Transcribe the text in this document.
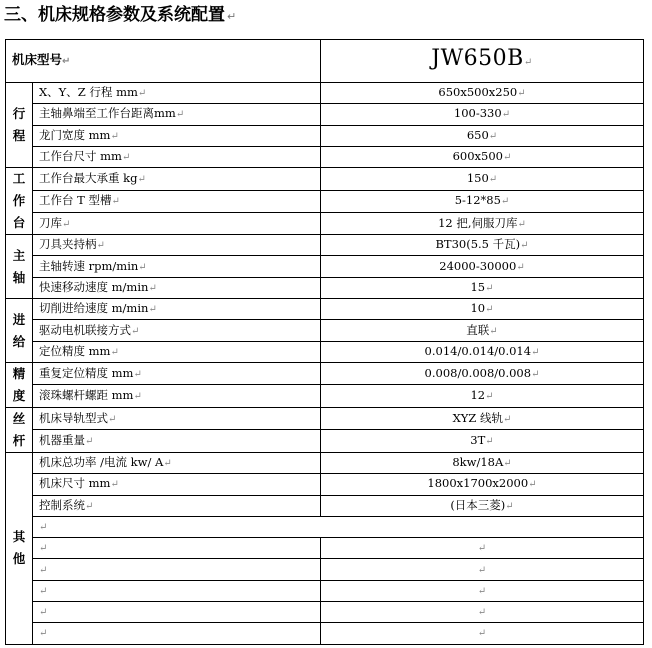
三、机床规格参数及系统配置 ↵
机床型号↵		JW650B↵

行
程	X、Y、Z 行程 mm↵	650x500x250↵
	主轴鼻端至工作台距离mm↵	100-330↵
	龙门宽度 mm↵	650↵
	工作台尺寸 mm↵	600x500↵

工
作
台	工作台最大承重 kg↵	150↵
	工作台 T 型槽↵	5-12*85↵
	刀库↵	12 把,伺服刀库↵

主
轴	刀具夹持柄↵	BT30(5.5 千瓦)↵
	主轴转速 rpm/min↵	24000-30000↵
	快速移动速度 m/min↵	15↵

进
给	切削进给速度 m/min↵	10↵
	驱动电机联接方式↵	直联↵
	定位精度 mm↵	0.014/0.014/0.014↵

精
度	重复定位精度 mm↵	0.008/0.008/0.008↵
	滚珠螺杆螺距 mm↵	12↵

丝
杆	机床导轨型式↵	XYZ 线轨↵
	机器重量↵	3T↵

其
他	机床总功率 /电流 kw/ A↵	8kw/18A↵
	机床尺寸 mm↵	1800x1700x2000↵
	控制系统↵	(日本三菱)↵
	↵	
	↵	↵
	↵	↵
	↵	↵
	↵	↵
	↵	↵
